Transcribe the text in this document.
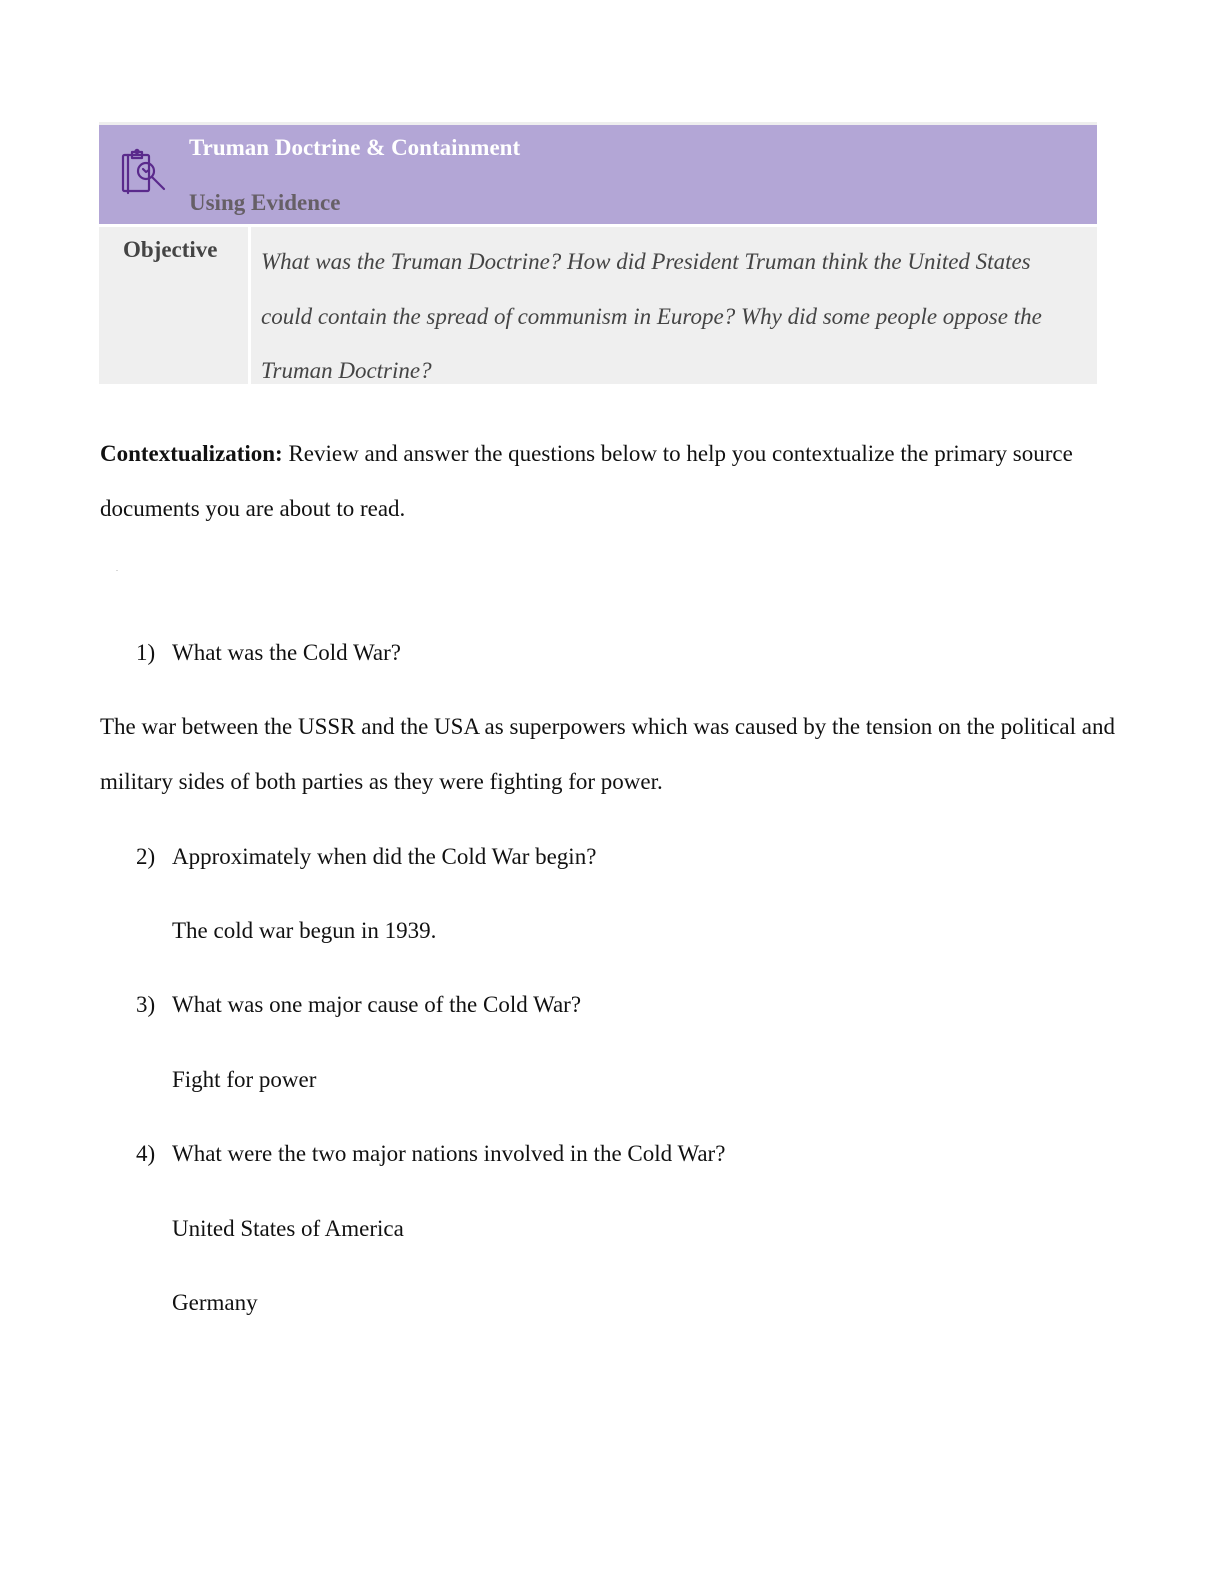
Truman Doctrine & Containment
Using Evidence
Objective	What was the Truman Doctrine? How did President Truman think the United States could contain the spread of communism in Europe? Why did some people oppose the Truman Doctrine?
Contextualization: Review and answer the questions below to help you contextualize the primary source documents you are about to read.
1) What was the Cold War?
The war between the USSR and the USA as superpowers which was caused by the tension on the political and military sides of both parties as they were fighting for power.
2) Approximately when did the Cold War begin?
The cold war begun in 1939.
3) What was one major cause of the Cold War?
Fight for power
4) What were the two major nations involved in the Cold War?
United States of America
Germany
